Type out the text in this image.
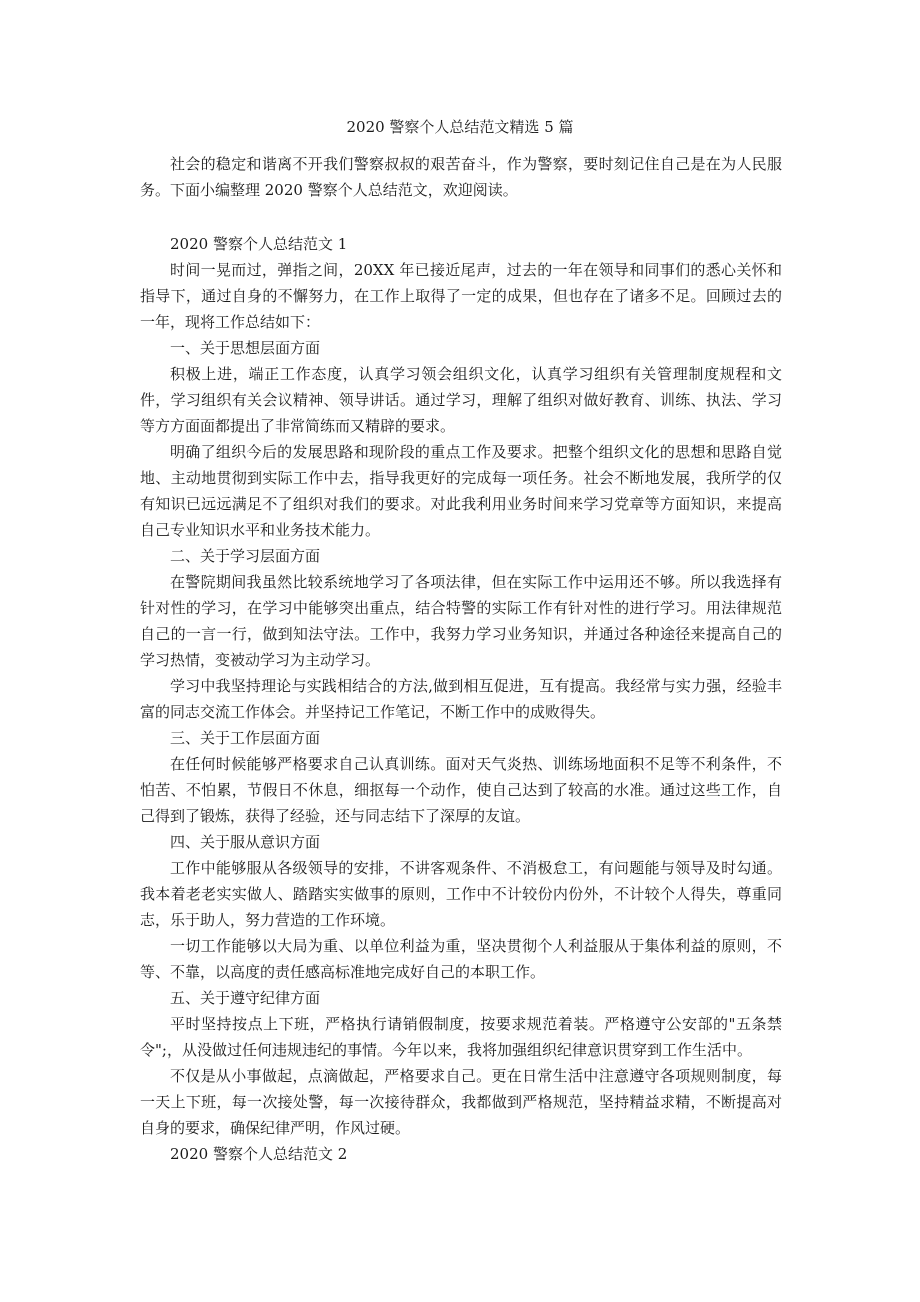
2020 警察个人总结范文精选 5 篇

社会的稳定和谐离不开我们警察叔叔的艰苦奋斗，作为警察，要时刻记住自己是在为人民服务。下面小编整理 2020 警察个人总结范文，欢迎阅读。

2020 警察个人总结范文 1

时间一晃而过，弹指之间，20XX 年已接近尾声，过去的一年在领导和同事们的悉心关怀和指导下，通过自身的不懈努力，在工作上取得了一定的成果，但也存在了诸多不足。回顾过去的一年，现将工作总结如下：

一、关于思想层面方面

积极上进，端正工作态度，认真学习领会组织文化，认真学习组织有关管理制度规程和文件，学习组织有关会议精神、领导讲话。通过学习，理解了组织对做好教育、训练、执法、学习等方方面面都提出了非常简练而又精辟的要求。

明确了组织今后的发展思路和现阶段的重点工作及要求。把整个组织文化的思想和思路自觉地、主动地贯彻到实际工作中去，指导我更好的完成每一项任务。社会不断地发展，我所学的仅有知识已远远满足不了组织对我们的要求。对此我利用业务时间来学习党章等方面知识，来提高自己专业知识水平和业务技术能力。

二、关于学习层面方面

在警院期间我虽然比较系统地学习了各项法律，但在实际工作中运用还不够。所以我选择有针对性的学习，在学习中能够突出重点，结合特警的实际工作有针对性的进行学习。用法律规范自己的一言一行，做到知法守法。工作中，我努力学习业务知识，并通过各种途径来提高自己的学习热情，变被动学习为主动学习。

学习中我坚持理论与实践相结合的方法,做到相互促进，互有提高。我经常与实力强，经验丰富的同志交流工作体会。并坚持记工作笔记，不断工作中的成败得失。

三、关于工作层面方面

在任何时候能够严格要求自己认真训练。面对天气炎热、训练场地面积不足等不利条件，不怕苦、不怕累，节假日不休息，细抠每一个动作，使自己达到了较高的水准。通过这些工作，自己得到了锻炼，获得了经验，还与同志结下了深厚的友谊。

四、关于服从意识方面

工作中能够服从各级领导的安排，不讲客观条件、不消极怠工，有问题能与领导及时勾通。我本着老老实实做人、踏踏实实做事的原则，工作中不计较份内份外，不计较个人得失，尊重同志，乐于助人，努力营造的工作环境。

一切工作能够以大局为重、以单位利益为重，坚决贯彻个人利益服从于集体利益的原则，不等、不靠，以高度的责任感高标准地完成好自己的本职工作。

五、关于遵守纪律方面

平时坚持按点上下班，严格执行请销假制度，按要求规范着装。严格遵守公安部的"五条禁令";，从没做过任何违规违纪的事情。今年以来，我将加强组织纪律意识贯穿到工作生活中。

不仅是从小事做起，点滴做起，严格要求自己。更在日常生活中注意遵守各项规则制度，每一天上下班，每一次接处警，每一次接待群众，我都做到严格规范，坚持精益求精，不断提高对自身的要求，确保纪律严明，作风过硬。

2020 警察个人总结范文 2
